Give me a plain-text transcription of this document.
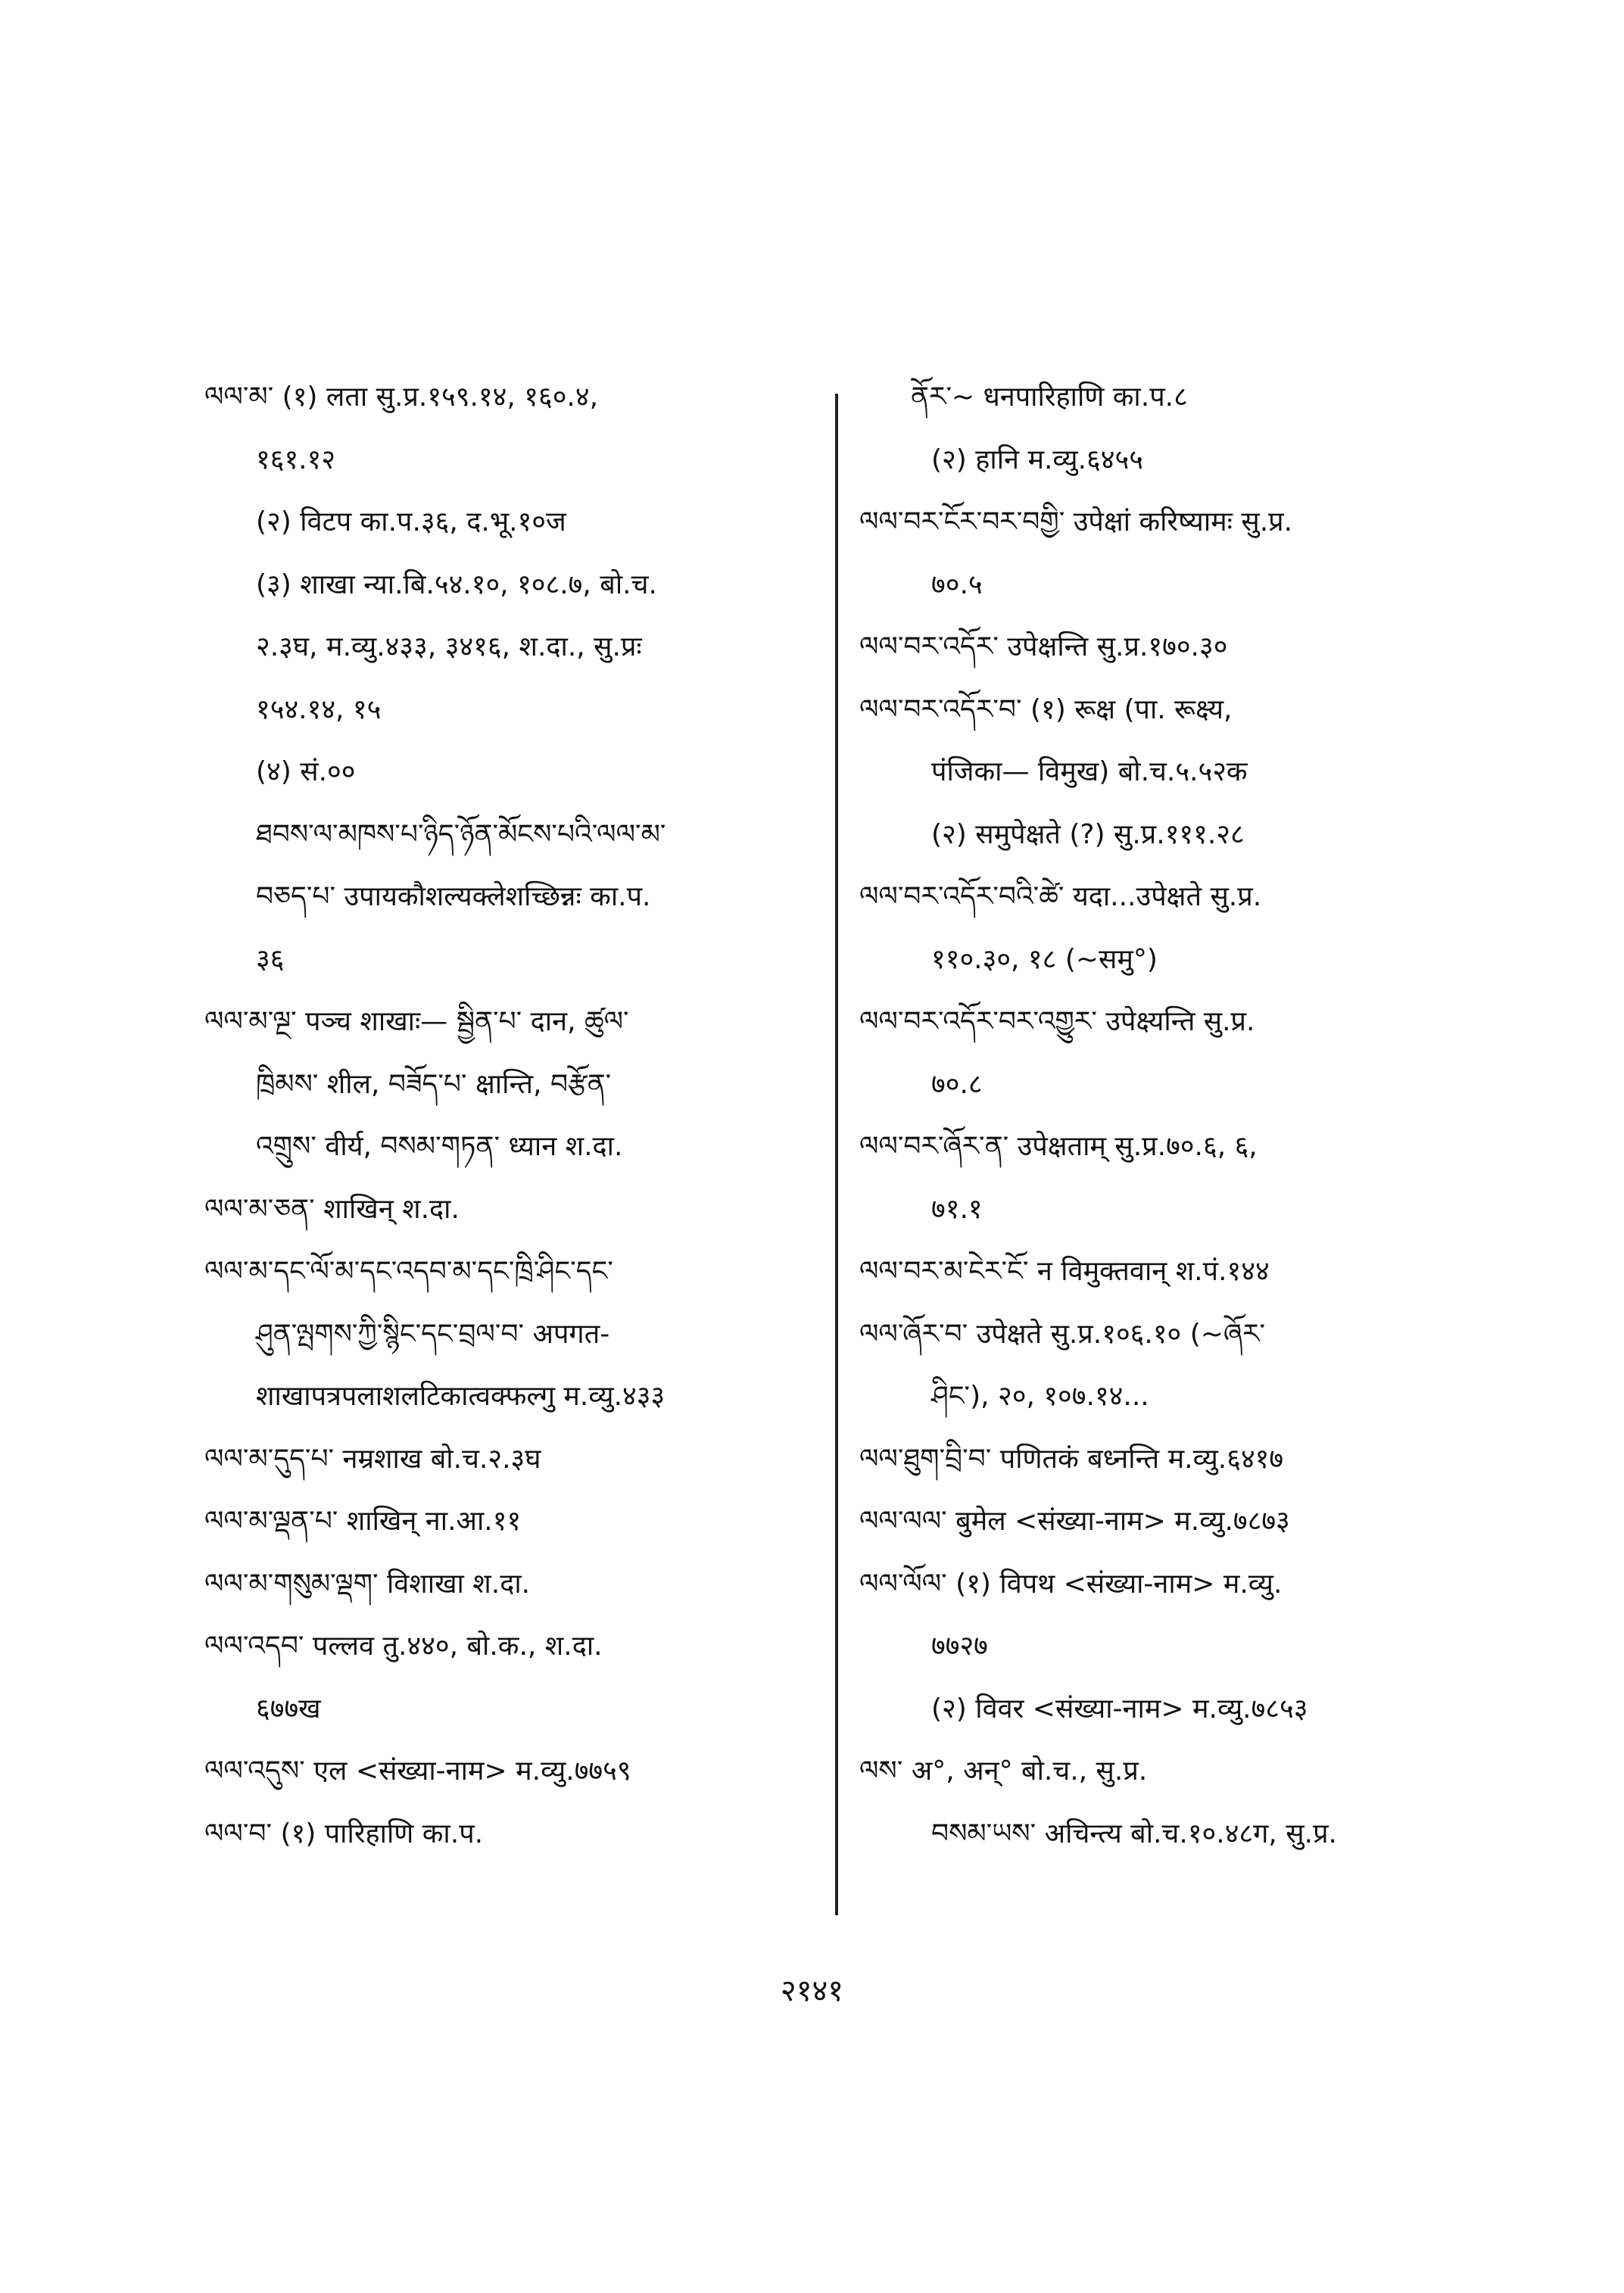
ལལ་མ་ (१) लता सु.प्र.१५९.१४, १६०.४,
१६१.१२
(२) विटप का.प.३६, द.भू.१०ज
(३) शाखा न्या.बि.५४.१०, १०८.७, बो.च.
२.३घ, म.व्यु.४३३, ३४१६, श.दा., सु.प्रः
१५४.१४, १५
(४) सं.००
ཐབས་ལ་མཁས་པ་ཉིད་ཉོན་མོངས་པའི་ལལ་མ་
བཅད་པ་ उपायकौशल्यक्लेशच्छिन्नः का.प.
३६
ལལ་མ་ལྔ་ पञ्च शाखाः— སྦྱིན་པ་ दान, ཚུལ་
ཁྲིམས་ शील, བཟོད་པ་ क्षान्ति, བརྩོན་
འགྲུས་ वीर्य, བསམ་གཏན་ ध्यान श.दा.
ལལ་མ་ཅན་ शाखिन् श.दा.
ལལ་མ་དང་ལོ་མ་དང་འདབ་མ་དང་ཁྲི་ཤིང་དང་
ཤུན་ལྤགས་ཀྱི་སྙིང་དང་བྲལ་བ་ अपगत-
शाखापत्रपलाशलटिकात्वक्फल्गु म.व्यु.४३३
ལལ་མ་དུད་པ་ नम्रशाख बो.च.२.३घ
ལལ་མ་ལྡན་པ་ शाखिन् ना.आ.११
ལལ་མ་གསུམ་ལྡག་ विशाखा श.दा.
ལལ་འདབ་ पल्लव तु.४४०, बो.क., श.दा.
६७७ख
ལལ་འདུས་ एल <संख्या-नाम> म.व्यु.७७५९
ལལ་བ་ (१) पारिहाणि का.प.
ནོར་~ धनपारिहाणि का.प.८
(२) हानि म.व्यु.६४५५
ལལ་བར་ངོར་བར་བགྱི་ उपेक्षां करिष्यामः सु.प्र.
७०.५
ལལ་བར་འདོར་ उपेक्षन्ति सु.प्र.१७०.३०
ལལ་བར་འདོར་བ་ (१) रूक्ष (पा. रूक्ष्य,
पंजिका— विमुख) बो.च.५.५२क
(२) समुपेक्षते (?) सु.प्र.१११.२८
ལལ་བར་འདོར་བའི་ཚེ་ यदा...उपेक्षते सु.प्र.
११०.३०, १८ (~समु°)
ལལ་བར་འདོར་བར་འགྱུར་ उपेक्ष्यन्ति सु.प्र.
७०.८
ལལ་བར་ཞོར་ན་ उपेक्षताम् सु.प्र.७०.६, ६,
७१.१
ལལ་བར་མ་ངེར་ངོ་ न विमुक्तवान् श.पं.१४४
ལལ་ཞོར་བ་ उपेक्षते सु.प्र.१०६.१० (~ཞོར་
ཤིང་), २०, १०७.१४...
ལལ་ཐུག་བྲི་བ་ पणितकं बध्नन्ति म.व्यु.६४१७
ལལ་ལལ་ बुमेल <संख्या-नाम> म.व्यु.७८७३
ལལ་ལོལ་ (१) विपथ <संख्या-नाम> म.व्यु.
७७२७
(२) विवर <संख्या-नाम> म.व्यु.७८५३
ལས་ अ°, अन्° बो.च., सु.प्र.
བསམ་ཡས་ अचिन्त्य बो.च.१०.४८ग, सु.प्र.
२१४१
